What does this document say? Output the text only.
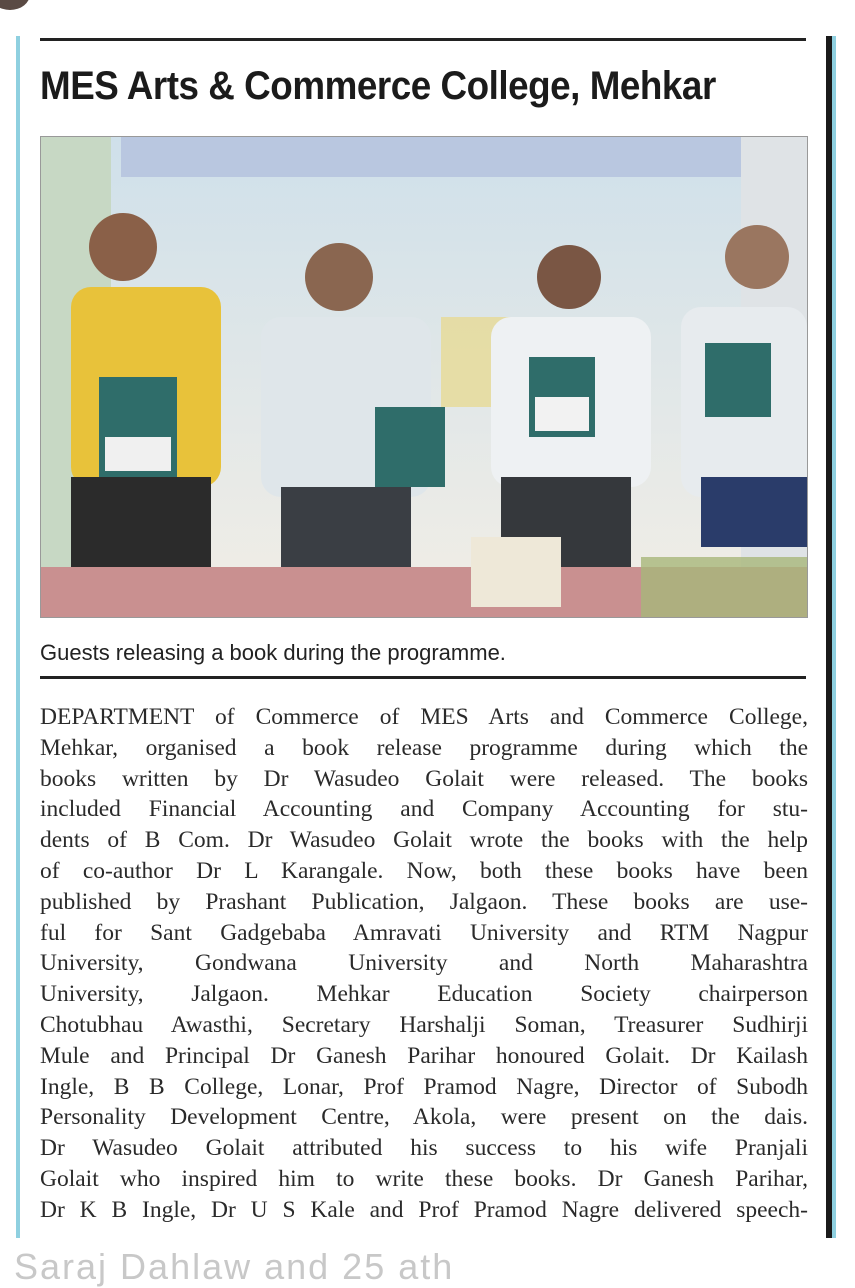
MES Arts & Commerce College, Mehkar
Guests releasing a book during the programme.
DEPARTMENT of Commerce of MES Arts and Commerce College,
Mehkar, organised a book release programme during which the
books written by Dr Wasudeo Golait were released. The books
included Financial Accounting and Company Accounting for stu-
dents of B Com. Dr Wasudeo Golait wrote the books with the help
of co-author Dr L Karangale. Now, both these books have been
published by Prashant Publication, Jalgaon. These books are use-
ful for Sant Gadgebaba Amravati University and RTM Nagpur
University, Gondwana University and North Maharashtra
University, Jalgaon. Mehkar Education Society chairperson
Chotubhau Awasthi, Secretary Harshalji Soman, Treasurer Sudhirji
Mule and Principal Dr Ganesh Parihar honoured Golait. Dr Kailash
Ingle, B B College, Lonar, Prof Pramod Nagre, Director of Subodh
Personality Development Centre, Akola, were present on the dais.
Dr Wasudeo Golait attributed his success to his wife Pranjali
Golait who inspired him to write these books. Dr Ganesh Parihar,
Dr K B Ingle, Dr U S Kale and Prof Pramod Nagre delivered speech-
Saraj Dahlaw and 25 ath
